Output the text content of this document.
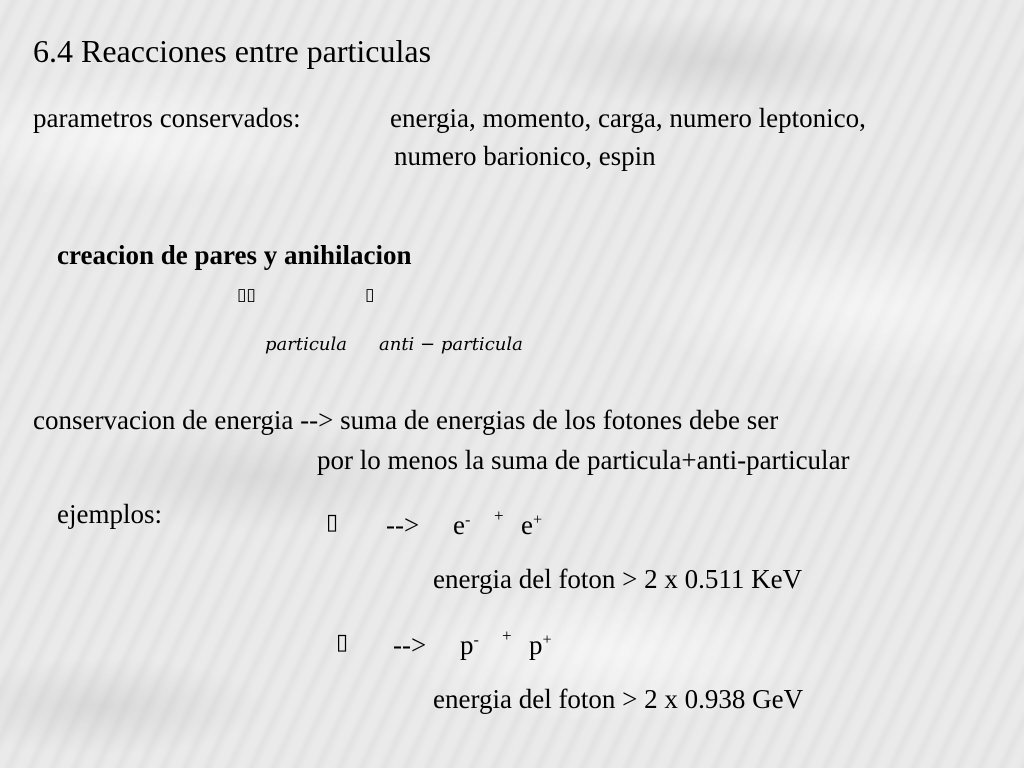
6.4 Reacciones entre particulas
parametros conservados:	energia, momento, carga, numero leptonico,
numero barionico, espin
creacion de pares y anihilacion
▯▯	▯
particula anti − particula
conservacion de energia --> suma de energias de los fotones debe ser
por lo menos la suma de particula+anti-particular
ejemplos:	▯ --> e- + e+
energia del foton > 2 x 0.511 KeV
▯ --> p- + p+
energia del foton > 2 x 0.938 GeV
